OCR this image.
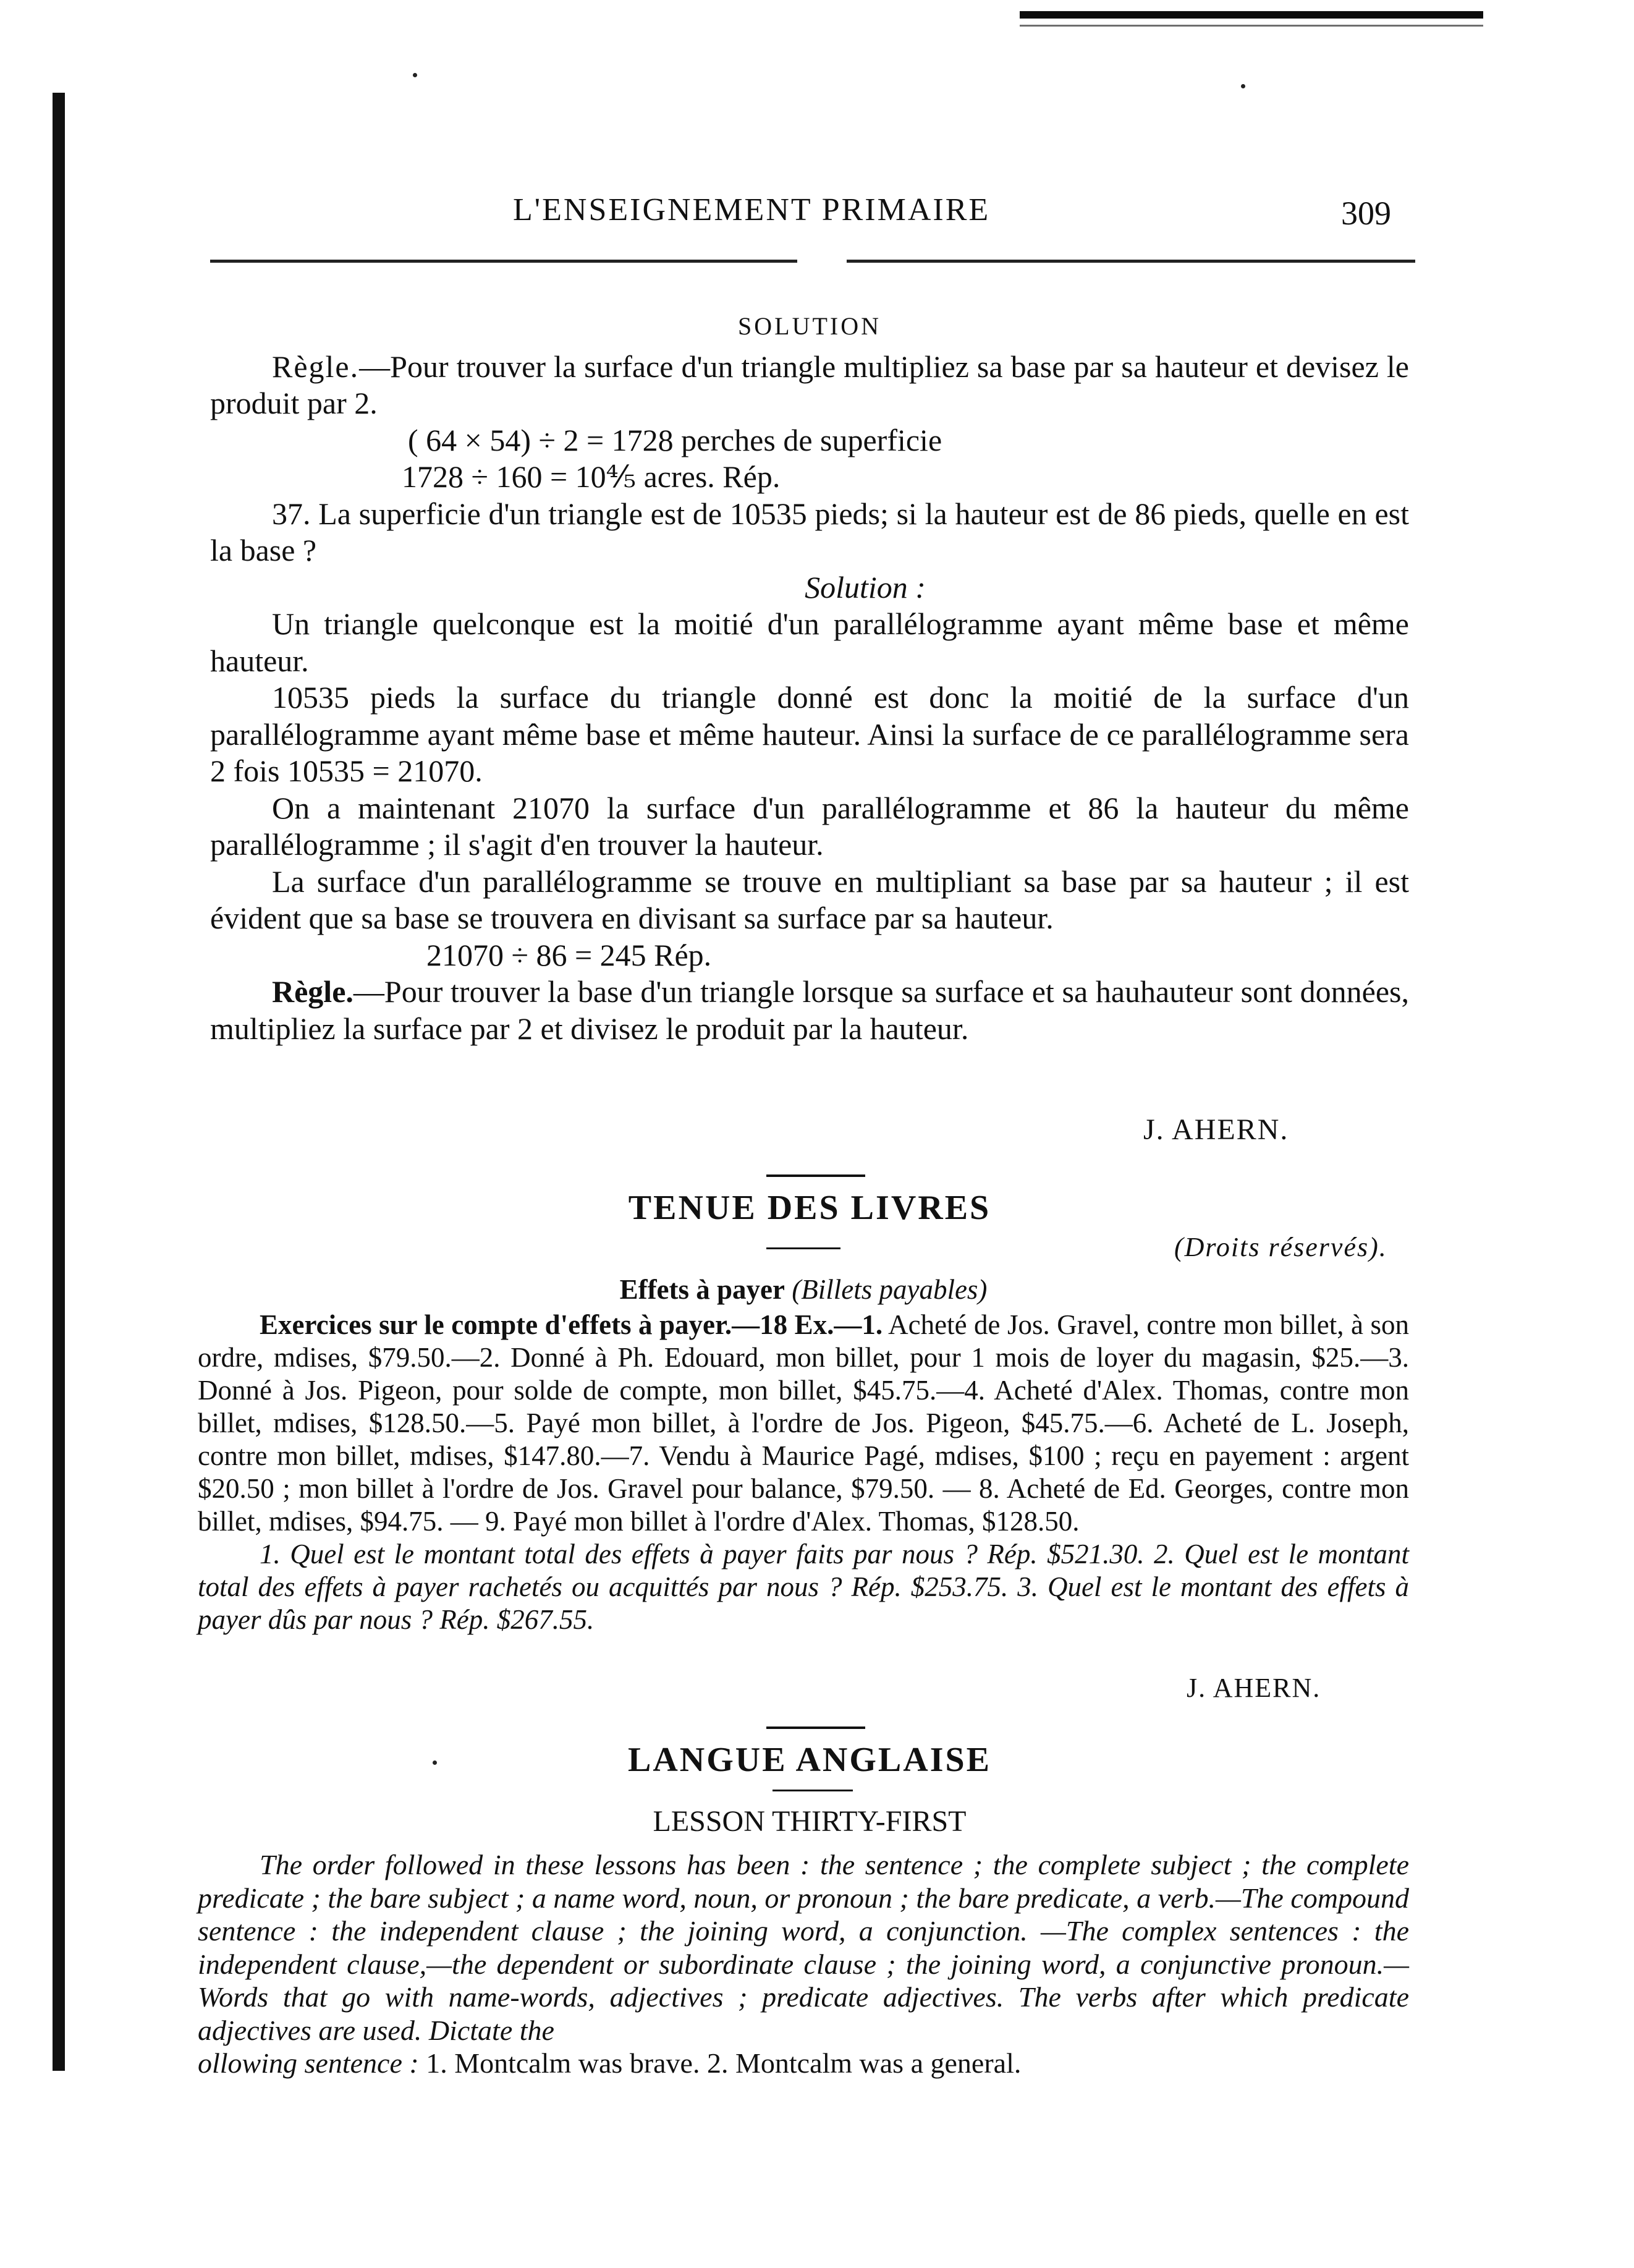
L'ENSEIGNEMENT PRIMAIRE	309

SOLUTION

Règle.—Pour trouver la surface d'un triangle multipliez sa base par sa hauteur et devisez le produit par 2.

( 64 × 54) ÷ 2 = 1728 perches de superficie

1728 ÷ 160 = 10⅘ acres. Rép.

37. La superficie d'un triangle est de 10535 pieds; si la hauteur est de 86 pieds, quelle en est la base ?

Solution :

Un triangle quelconque est la moitié d'un parallélogramme ayant même base et même hauteur.

10535 pieds la surface du triangle donné est donc la moitié de la surface d'un parallélogramme ayant même base et même hauteur. Ainsi la surface de ce parallélogramme sera 2 fois 10535 = 21070.

On a maintenant 21070 la surface d'un parallélogramme et 86 la hauteur du même parallélogramme ; il s'agit d'en trouver la hauteur.

La surface d'un parallélogramme se trouve en multipliant sa base par sa hauteur ; il est évident que sa base se trouvera en divisant sa surface par sa hauteur.

21070 ÷ 86 = 245 Rép.

Règle.—Pour trouver la base d'un triangle lorsque sa surface et sa hauhauteur sont données, multipliez la surface par 2 et divisez le produit par la hauteur.

J. AHERN.
TENUE DES LIVRES
(Droits réservés).
Effets à payer (Billets payables)

Exercices sur le compte d'effets à payer.—18 Ex.—1. Acheté de Jos. Gravel, contre mon billet, à son ordre, mdises, $79.50.—2. Donné à Ph. Edouard, mon billet, pour 1 mois de loyer du magasin, $25.—3. Donné à Jos. Pigeon, pour solde de compte, mon billet, $45.75.—4. Acheté d'Alex. Thomas, contre mon billet, mdises, $128.50.—5. Payé mon billet, à l'ordre de Jos. Pigeon, $45.75.—6. Acheté de L. Joseph, contre mon billet, mdises, $147.80.—7. Vendu à Maurice Pagé, mdises, $100 ; reçu en payement : argent $20.50 ; mon billet à l'ordre de Jos. Gravel pour balance, $79.50. — 8. Acheté de Ed. Georges, contre mon billet, mdises, $94.75. — 9. Payé mon billet à l'ordre d'Alex. Thomas, $128.50.

1. Quel est le montant total des effets à payer faits par nous ? Rép. $521.30. 2. Quel est le montant total des effets à payer rachetés ou acquittés par nous ? Rép. $253.75. 3. Quel est le montant des effets à payer dûs par nous ? Rép. $267.55.

J. AHERN.
LANGUE ANGLAISE
LESSON THIRTY-FIRST

The order followed in these lessons has been : the sentence ; the complete subject ; the complete predicate ; the bare subject ; a name word, noun, or pronoun ; the bare predicate, a verb.—The compound sentence : the independent clause ; the joining word, a conjunction. —The complex sentences : the independent clause,—the dependent or subordinate clause ; the joining word, a conjunctive pronoun.— Words that go with name-words, adjectives ; predicate adjectives. The verbs after which predicate adjectives are used. Dictate the

ollowing sentence : 1. Montcalm was brave. 2. Montcalm was a general.
